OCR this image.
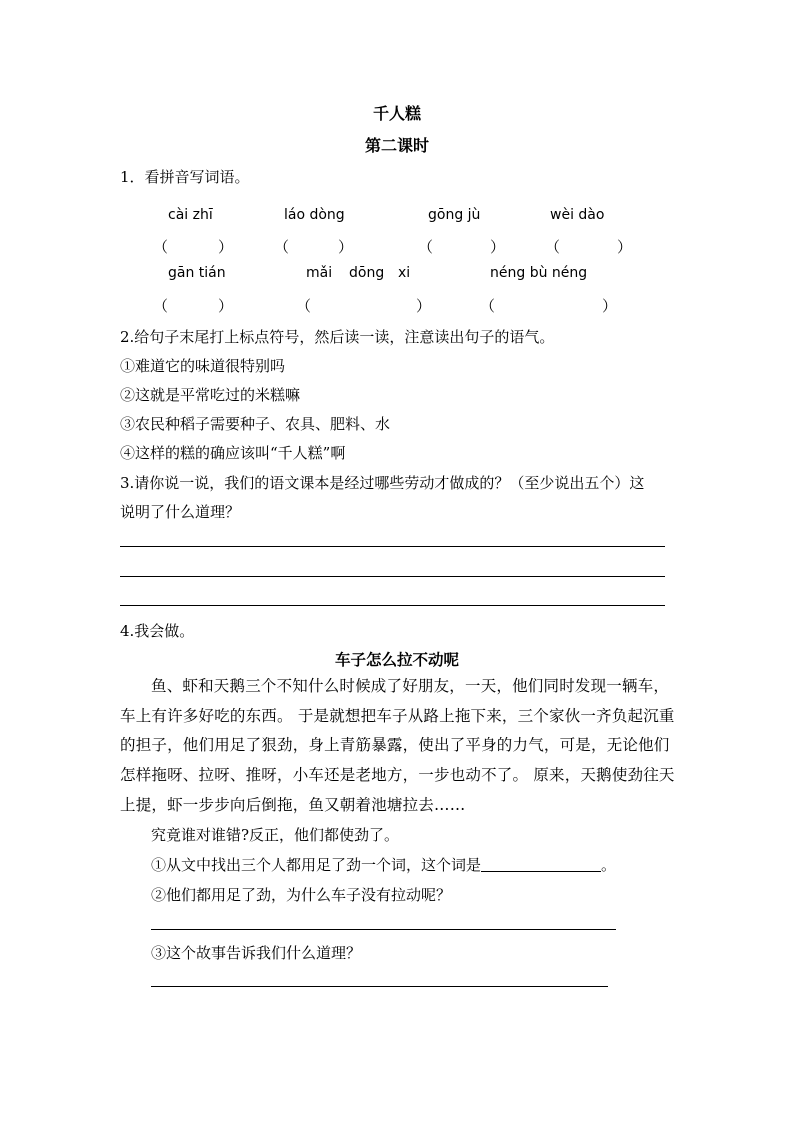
千人糕
第二课时
1．看拼音写词语。
cài zhī	láo dòng	gōng jù	wèi dào
（	）	（	）	（	）	（	）
gān tián	mǎi dōng xi	néng bù néng
（	）	（	）	（	）
2.给句子末尾打上标点符号，然后读一读，注意读出句子的语气。
①难道它的味道很特别吗
②这就是平常吃过的米糕嘛
③农民种稻子需要种子、农具、肥料、水
④这样的糕的确应该叫“千人糕”啊
3.请你说一说，我们的语文课本是经过哪些劳动才做成的？（至少说出五个）这
说明了什么道理？
4.我会做。
车子怎么拉不动呢
鱼、虾和天鹅三个不知什么时候成了好朋友，一天，他们同时发现一辆车，车上有许多好吃的东西。 于是就想把车子从路上拖下来，三个家伙一齐负起沉重的担子，他们用足了狠劲，身上青筋暴露，使出了平身的力气，可是，无论他们怎样拖呀、拉呀、推呀，小车还是老地方，一步也动不了。 原来，天鹅使劲往天上提，虾一步步向后倒拖，鱼又朝着池塘拉去……
究竟谁对谁错?反正，他们都使劲了。
①从文中找出三个人都用足了劲一个词，这个词是	。
②他们都用足了劲，为什么车子没有拉动呢？
③这个故事告诉我们什么道理？
